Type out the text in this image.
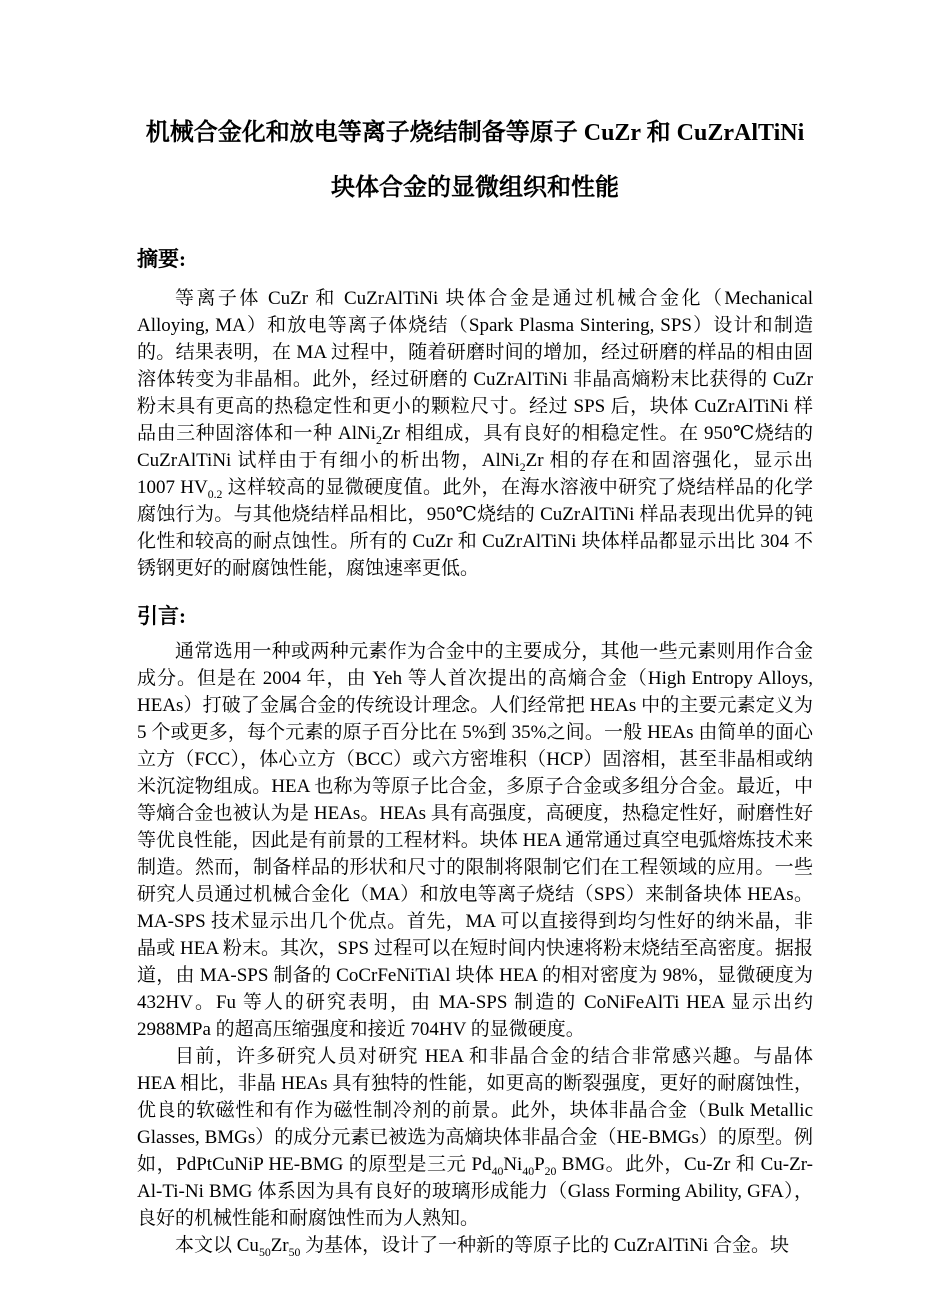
机械合金化和放电等离子烧结制备等原子 CuZr 和 CuZrAlTiNi
块体合金的显微组织和性能
摘要:
等离子体 CuZr 和 CuZrAlTiNi 块体合金是通过机械合金化（Mechanical Alloying, MA）和放电等离子体烧结（Spark Plasma Sintering, SPS）设计和制造的。结果表明，在 MA 过程中，随着研磨时间的增加，经过研磨的样品的相由固溶体转变为非晶相。此外，经过研磨的 CuZrAlTiNi 非晶高熵粉末比获得的 CuZr 粉末具有更高的热稳定性和更小的颗粒尺寸。经过 SPS 后，块体 CuZrAlTiNi 样品由三种固溶体和一种 AlNi$_2$Zr 相组成，具有良好的相稳定性。在 950℃烧结的 CuZrAlTiNi 试样由于有细小的析出物，AlNi$_2$Zr 相的存在和固溶强化，显示出 1007 $HV_{0.2}$ 这样较高的显微硬度值。此外，在海水溶液中研究了烧结样品的化学腐蚀行为。与其他烧结样品相比，950℃烧结的 CuZrAlTiNi 样品表现出优异的钝化性和较高的耐点蚀性。所有的 CuZr 和 CuZrAlTiNi 块体样品都显示出比 304 不锈钢更好的耐腐蚀性能，腐蚀速率更低。
引言:
通常选用一种或两种元素作为合金中的主要成分，其他一些元素则用作合金成分。但是在 2004 年，由 Yeh 等人首次提出的高熵合金（High Entropy Alloys, HEAs）打破了金属合金的传统设计理念。人们经常把 HEAs 中的主要元素定义为 5 个或更多，每个元素的原子百分比在 5%到 35%之间。一般 HEAs 由简单的面心立方（FCC），体心立方（BCC）或六方密堆积（HCP）固溶相，甚至非晶相或纳米沉淀物组成。HEA 也称为等原子比合金，多原子合金或多组分合金。最近，中等熵合金也被认为是 HEAs。HEAs 具有高强度，高硬度，热稳定性好，耐磨性好等优良性能，因此是有前景的工程材料。块体 HEA 通常通过真空电弧熔炼技术来制造。然而，制备样品的形状和尺寸的限制将限制它们在工程领域的应用。一些研究人员通过机械合金化（MA）和放电等离子烧结（SPS）来制备块体 HEAs。MA-SPS 技术显示出几个优点。首先，MA 可以直接得到均匀性好的纳米晶，非晶或 HEA 粉末。其次，SPS 过程可以在短时间内快速将粉末烧结至高密度。据报道，由 MA-SPS 制备的 CoCrFeNiTiAl 块体 HEA 的相对密度为 98%，显微硬度为 432HV。Fu 等人的研究表明，由 MA-SPS 制造的 CoNiFeAlTi HEA 显示出约 2988MPa 的超高压缩强度和接近 704HV 的显微硬度。
目前，许多研究人员对研究 HEA 和非晶合金的结合非常感兴趣。与晶体 HEA 相比，非晶 HEAs 具有独特的性能，如更高的断裂强度，更好的耐腐蚀性，优良的软磁性和有作为磁性制冷剂的前景。此外，块体非晶合金（Bulk Metallic Glasses, BMGs）的成分元素已被选为高熵块体非晶合金（HE-BMGs）的原型。例如，PdPtCuNiP HE-BMG 的原型是三元 $Pd_{40}Ni_{40}P_{20}$ BMG。此外，Cu-Zr 和 Cu-Zr-Al-Ti-Ni BMG 体系因为具有良好的玻璃形成能力（Glass Forming Ability, GFA），良好的机械性能和耐腐蚀性而为人熟知。
本文以 $Cu_{50}Zr_{50}$ 为基体，设计了一种新的等原子比的 CuZrAlTiNi 合金。块
